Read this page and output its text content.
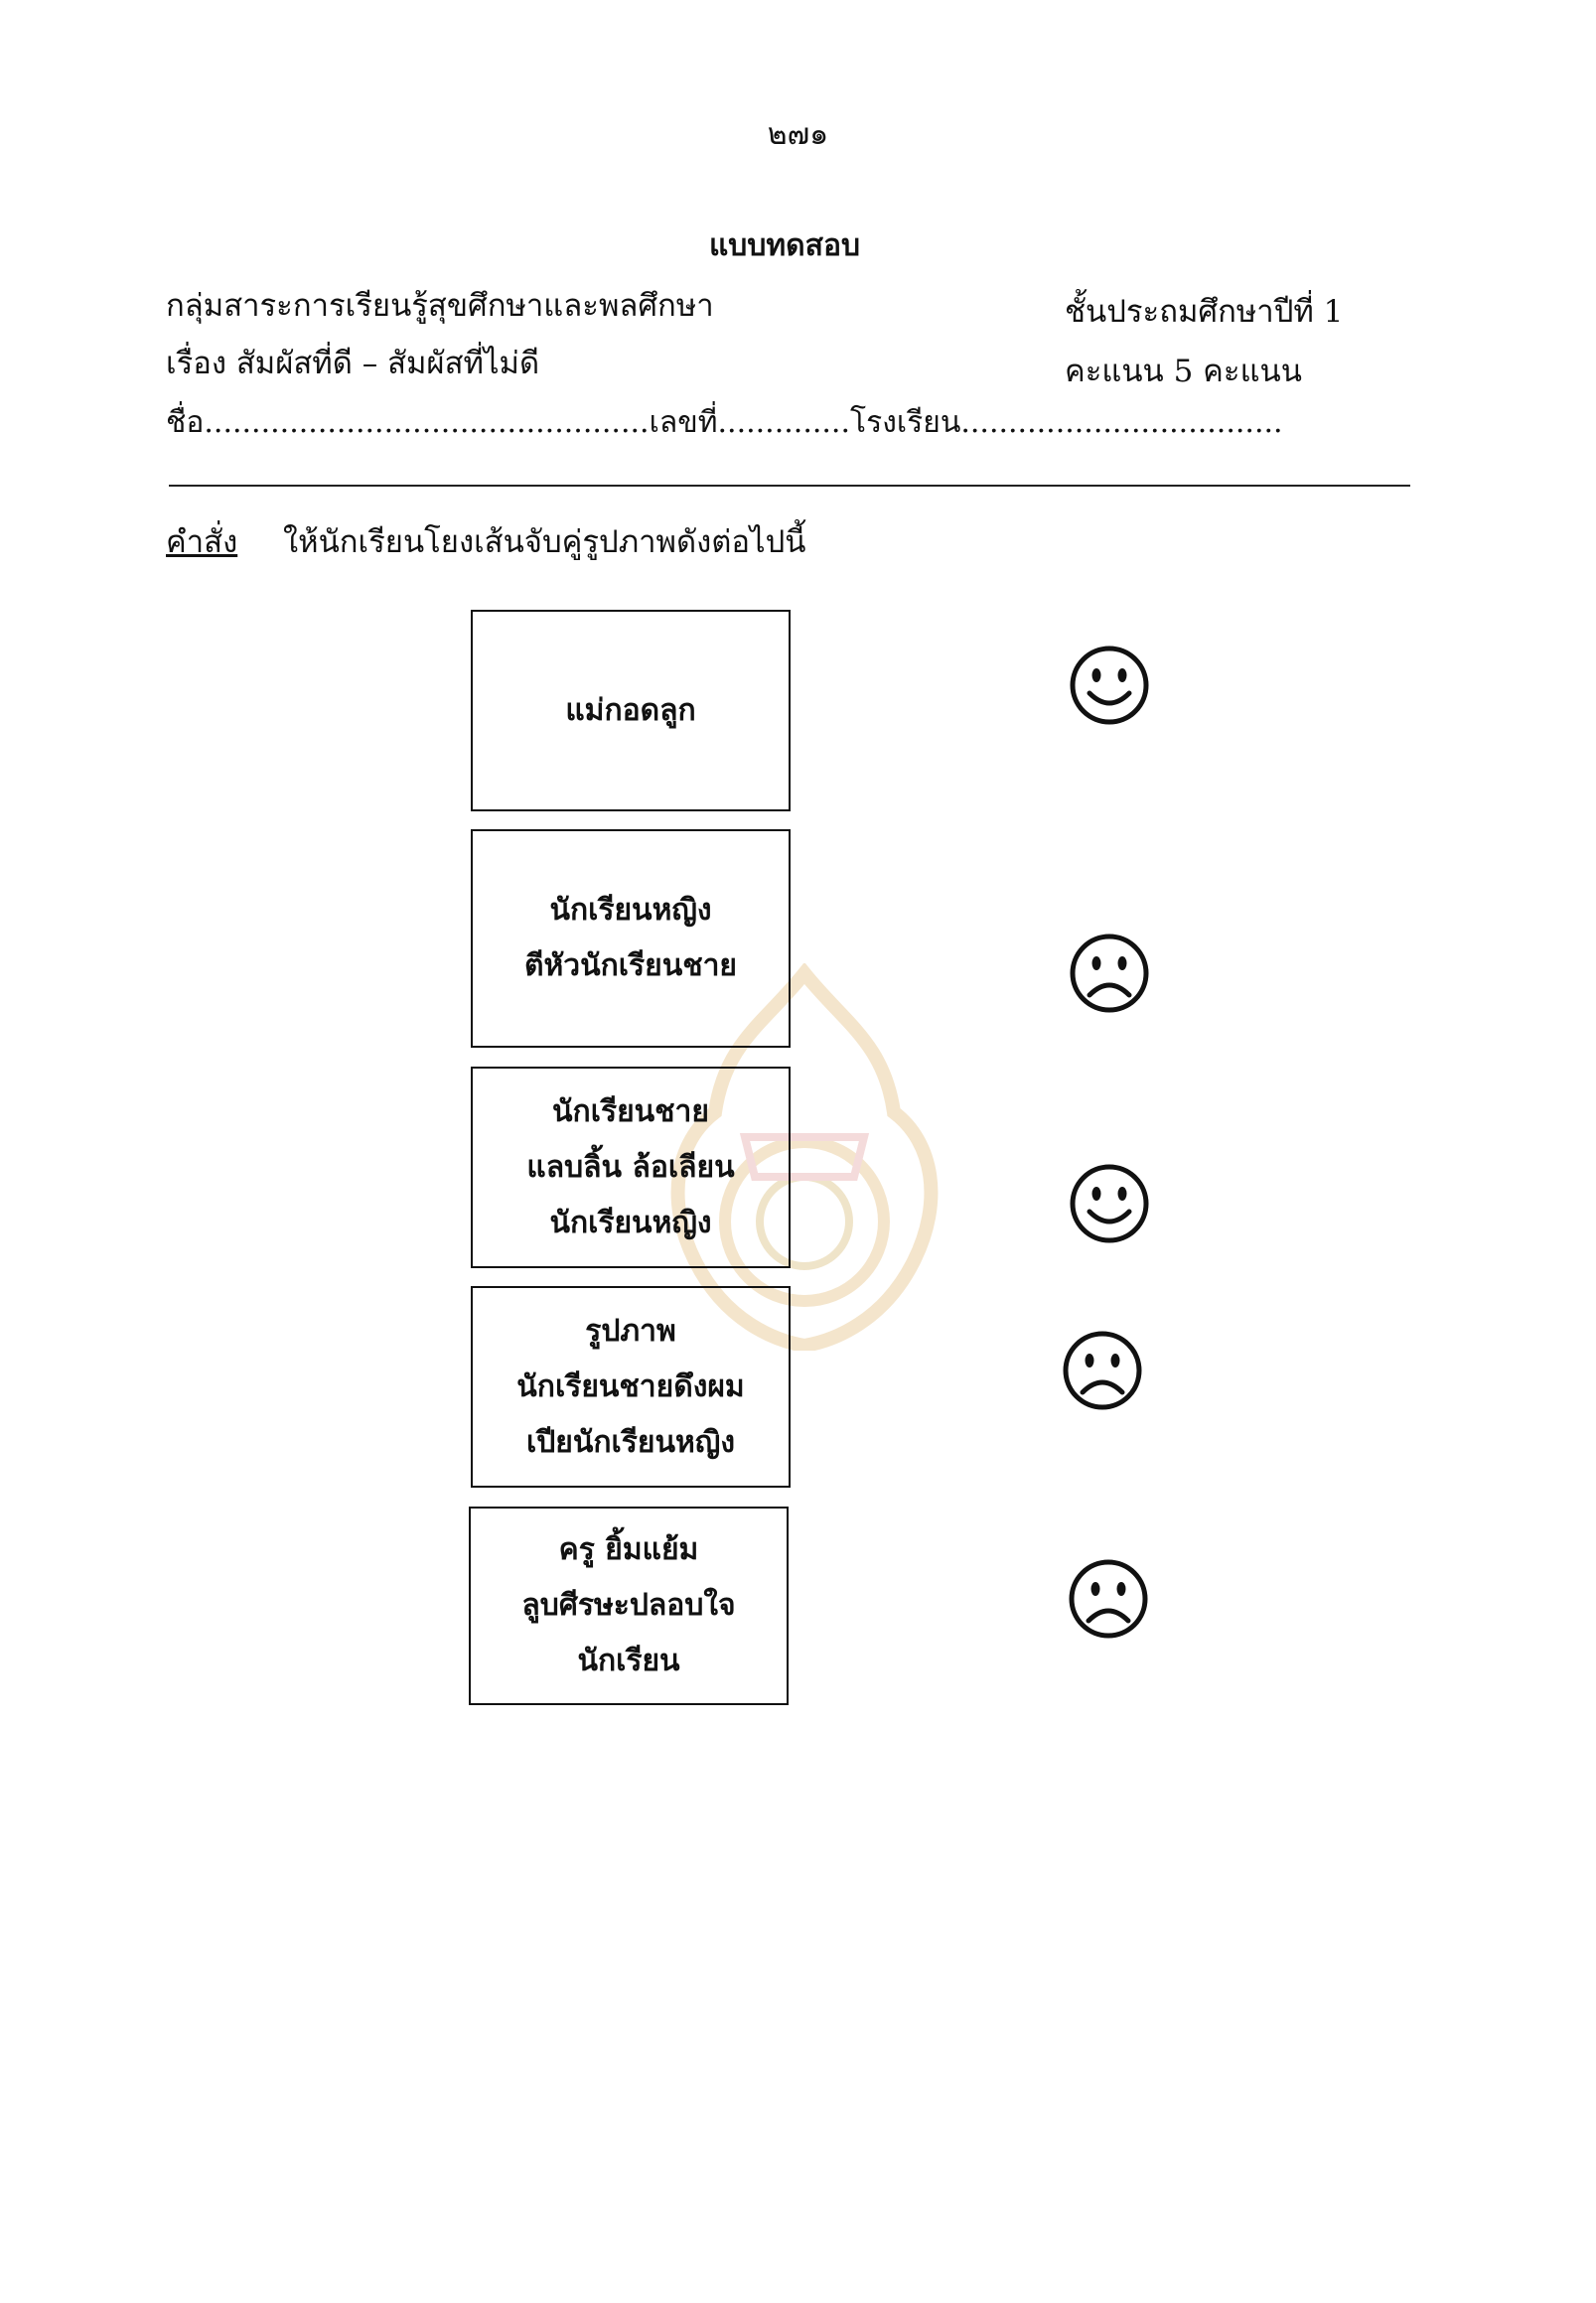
๒๗๑
แบบทดสอบ
กลุ่มสาระการเรียนรู้สุขศึกษาและพลศึกษา	ชั้นประถมศึกษาปีที่ 1
เรื่อง สัมผัสที่ดี – สัมผัสที่ไม่ดี	คะแนน 5 คะแนน
ชื่อ...............................................เลขที่..............โรงเรียน..................................
คำสั่ง ให้นักเรียนโยงเส้นจับคู่รูปภาพดังต่อไปนี้
แม่กอดลูก
นักเรียนหญิง
ตีหัวนักเรียนชาย
นักเรียนชาย
แลบลิ้น ล้อเลียน
นักเรียนหญิง
รูปภาพ
นักเรียนชายดึงผม
เปียนักเรียนหญิง
ครู ยิ้มแย้ม
ลูบศีรษะปลอบใจ
นักเรียน
